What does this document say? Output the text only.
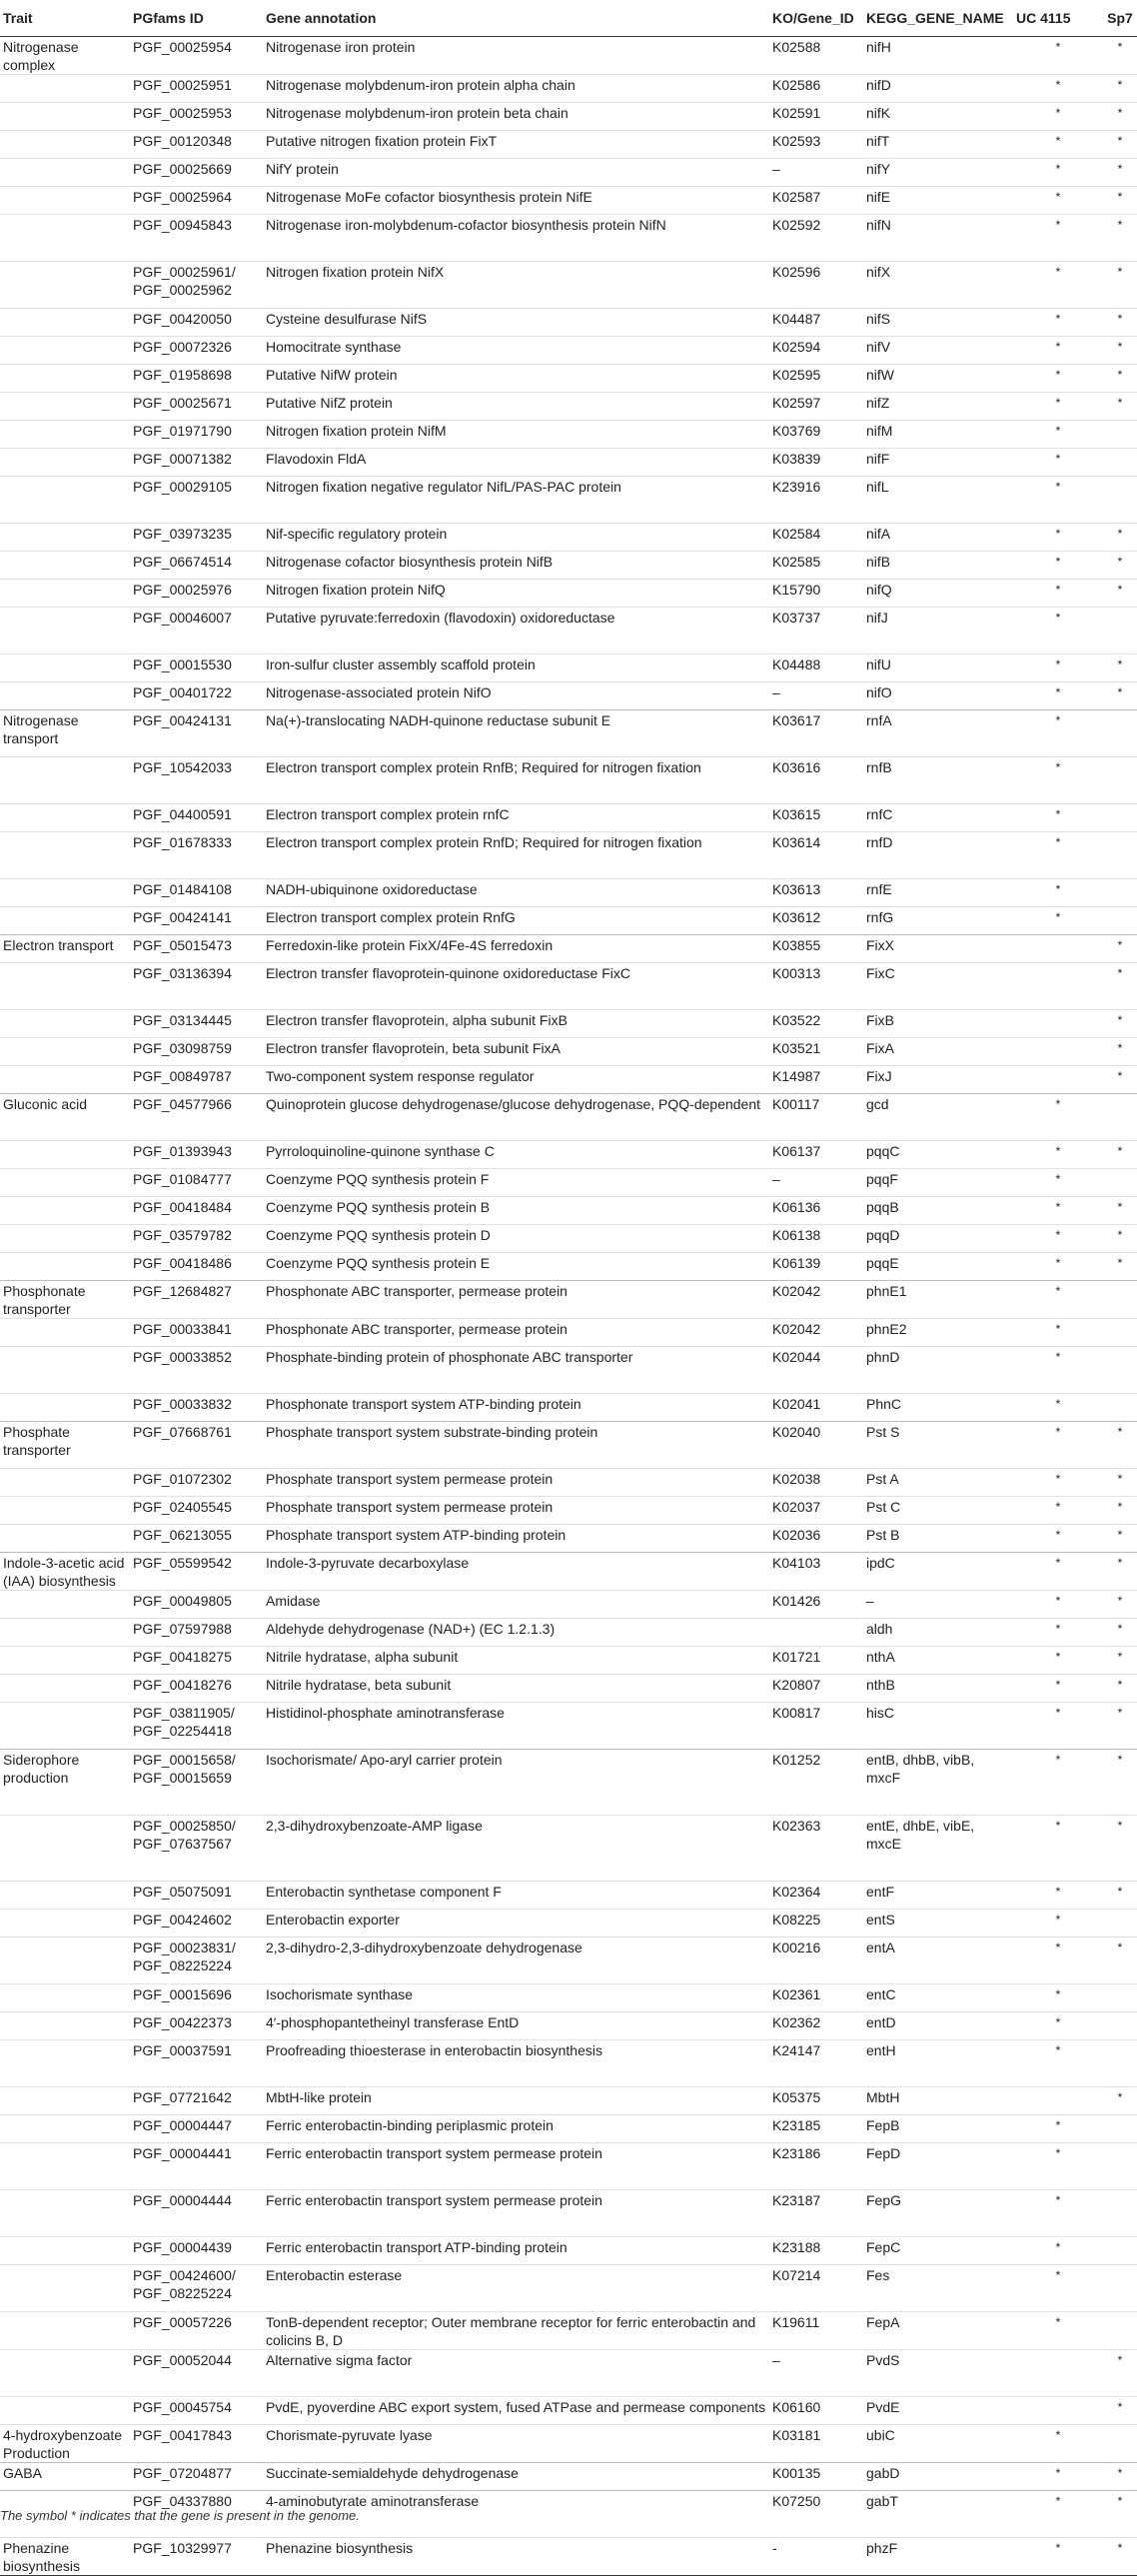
Trait	PGfams ID	Gene annotation	KO/Gene_ID	KEGG_GENE_NAME	UC 4115	Sp7
Nitrogenase complex	PGF_00025954	Nitrogenase iron protein	K02588	nifH	*	*
	PGF_00025951	Nitrogenase molybdenum-iron protein alpha chain	K02586	nifD	*	*
	PGF_00025953	Nitrogenase molybdenum-iron protein beta chain	K02591	nifK	*	*
	PGF_00120348	Putative nitrogen fixation protein FixT	K02593	nifT	*	*
	PGF_00025669	NifY protein	–	nifY	*	*
	PGF_00025964	Nitrogenase MoFe cofactor biosynthesis protein NifE	K02587	nifE	*	*
	PGF_00945843	Nitrogenase iron-molybdenum-cofactor biosynthesis protein NifN	K02592	nifN	*	*
	PGF_00025961/ PGF_00025962	Nitrogen fixation protein NifX	K02596	nifX	*	*
	PGF_00420050	Cysteine desulfurase NifS	K04487	nifS	*	*
	PGF_00072326	Homocitrate synthase	K02594	nifV	*	*
	PGF_01958698	Putative NifW protein	K02595	nifW	*	*
	PGF_00025671	Putative NifZ protein	K02597	nifZ	*	*
	PGF_01971790	Nitrogen fixation protein NifM	K03769	nifM	*	
	PGF_00071382	Flavodoxin FldA	K03839	nifF	*	
	PGF_00029105	Nitrogen fixation negative regulator NifL/PAS-PAC protein	K23916	nifL	*	
	PGF_03973235	Nif-specific regulatory protein	K02584	nifA	*	*
	PGF_06674514	Nitrogenase cofactor biosynthesis protein NifB	K02585	nifB	*	*
	PGF_00025976	Nitrogen fixation protein NifQ	K15790	nifQ	*	*
	PGF_00046007	Putative pyruvate:ferredoxin (flavodoxin) oxidoreductase	K03737	nifJ	*	
	PGF_00015530	Iron-sulfur cluster assembly scaffold protein	K04488	nifU	*	*
	PGF_00401722	Nitrogenase-associated protein NifO	–	nifO	*	*
Nitrogenase transport	PGF_00424131	Na(+)-translocating NADH-quinone reductase subunit E	K03617	rnfA	*	
	PGF_10542033	Electron transport complex protein RnfB; Required for nitrogen fixation	K03616	rnfB	*	
	PGF_04400591	Electron transport complex protein rnfC	K03615	rnfC	*	
	PGF_01678333	Electron transport complex protein RnfD; Required for nitrogen fixation	K03614	rnfD	*	
	PGF_01484108	NADH-ubiquinone oxidoreductase	K03613	rnfE	*	
	PGF_00424141	Electron transport complex protein RnfG	K03612	rnfG	*	
Electron transport	PGF_05015473	Ferredoxin-like protein FixX/4Fe-4S ferredoxin	K03855	FixX		*
	PGF_03136394	Electron transfer flavoprotein-quinone oxidoreductase FixC	K00313	FixC		*
	PGF_03134445	Electron transfer flavoprotein, alpha subunit FixB	K03522	FixB		*
	PGF_03098759	Electron transfer flavoprotein, beta subunit FixA	K03521	FixA		*
	PGF_00849787	Two-component system response regulator	K14987	FixJ		*
Gluconic acid	PGF_04577966	Quinoprotein glucose dehydrogenase/glucose dehydrogenase, PQQ-dependent	K00117	gcd	*	
	PGF_01393943	Pyrroloquinoline-quinone synthase C	K06137	pqqC	*	*
	PGF_01084777	Coenzyme PQQ synthesis protein F	–	pqqF	*	
	PGF_00418484	Coenzyme PQQ synthesis protein B	K06136	pqqB	*	*
	PGF_03579782	Coenzyme PQQ synthesis protein D	K06138	pqqD	*	*
	PGF_00418486	Coenzyme PQQ synthesis protein E	K06139	pqqE	*	*
Phosphonate transporter	PGF_12684827	Phosphonate ABC transporter, permease protein	K02042	phnE1	*	
	PGF_00033841	Phosphonate ABC transporter, permease protein	K02042	phnE2	*	
	PGF_00033852	Phosphate-binding protein of phosphonate ABC transporter	K02044	phnD	*	
	PGF_00033832	Phosphonate transport system ATP-binding protein	K02041	PhnC	*	
Phosphate transporter	PGF_07668761	Phosphate transport system substrate-binding protein	K02040	Pst S	*	*
	PGF_01072302	Phosphate transport system permease protein	K02038	Pst A	*	*
	PGF_02405545	Phosphate transport system permease protein	K02037	Pst C	*	*
	PGF_06213055	Phosphate transport system ATP-binding protein	K02036	Pst B	*	*
Indole-3-acetic acid (IAA) biosynthesis	PGF_05599542	Indole-3-pyruvate decarboxylase	K04103	ipdC	*	*
	PGF_00049805	Amidase	K01426	–	*	*
	PGF_07597988	Aldehyde dehydrogenase (NAD+) (EC 1.2.1.3)		aldh	*	*
	PGF_00418275	Nitrile hydratase, alpha subunit	K01721	nthA	*	*
	PGF_00418276	Nitrile hydratase, beta subunit	K20807	nthB	*	*
	PGF_03811905/ PGF_02254418	Histidinol-phosphate aminotransferase	K00817	hisC	*	*
Siderophore production	PGF_00015658/ PGF_00015659	Isochorismate/ Apo-aryl carrier protein	K01252	entB, dhbB, vibB, mxcF	*	*
	PGF_00025850/ PGF_07637567	2,3-dihydroxybenzoate-AMP ligase	K02363	entE, dhbE, vibE, mxcE	*	*
	PGF_05075091	Enterobactin synthetase component F	K02364	entF	*	*
	PGF_00424602	Enterobactin exporter	K08225	entS	*	
	PGF_00023831/ PGF_08225224	2,3-dihydro-2,3-dihydroxybenzoate dehydrogenase	K00216	entA	*	*
	PGF_00015696	Isochorismate synthase	K02361	entC	*	
	PGF_00422373	4′-phosphopantetheinyl transferase EntD	K02362	entD	*	
	PGF_00037591	Proofreading thioesterase in enterobactin biosynthesis	K24147	entH	*	
	PGF_07721642	MbtH-like protein	K05375	MbtH		*
	PGF_00004447	Ferric enterobactin-binding periplasmic protein	K23185	FepB	*	
	PGF_00004441	Ferric enterobactin transport system permease protein	K23186	FepD	*	
	PGF_00004444	Ferric enterobactin transport system permease protein	K23187	FepG	*	
	PGF_00004439	Ferric enterobactin transport ATP-binding protein	K23188	FepC	*	
	PGF_00424600/ PGF_08225224	Enterobactin esterase	K07214	Fes	*	
	PGF_00057226	TonB-dependent receptor; Outer membrane receptor for ferric enterobactin and colicins B, D	K19611	FepA	*	
	PGF_00052044	Alternative sigma factor	–	PvdS		*
	PGF_00045754	PvdE, pyoverdine ABC export system, fused ATPase and permease components	K06160	PvdE		*
4-hydroxybenzoate Production	PGF_00417843	Chorismate-pyruvate lyase	K03181	ubiC	*	
GABA	PGF_07204877	Succinate-semialdehyde dehydrogenase	K00135	gabD	*	*
	PGF_04337880	4-aminobutyrate aminotransferase	K07250	gabT	*	*
Phenazine biosynthesis	PGF_10329977	Phenazine biosynthesis	-	phzF	*	*
The symbol * indicates that the gene is present in the genome.
